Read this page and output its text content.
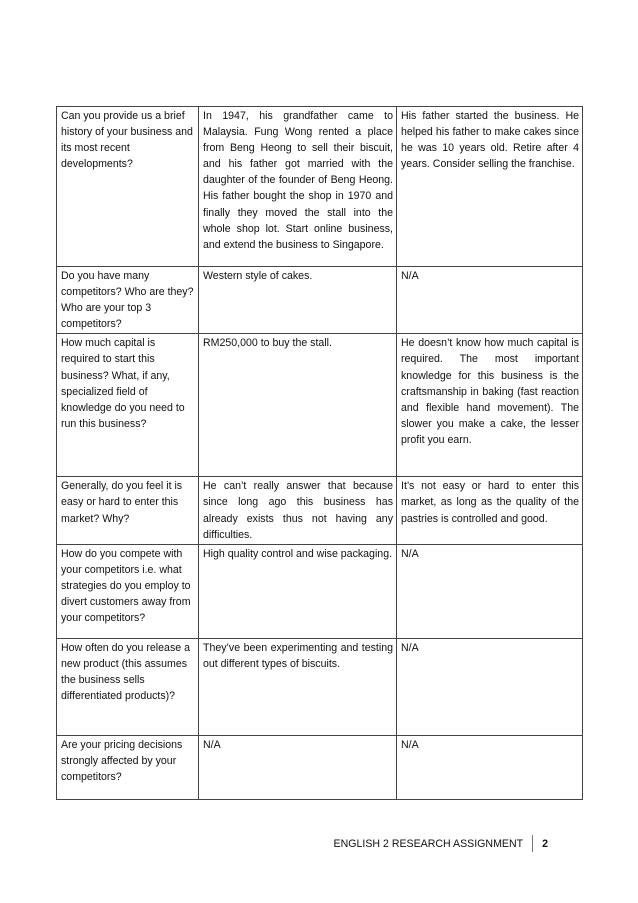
Can you provide us a brief history of your business and its most recent developments?	In 1947, his grandfather came to Malaysia. Fung Wong rented a place from Beng Heong to sell their biscuit, and his father got married with the daughter of the founder of Beng Heong. His father bought the shop in 1970 and finally they moved the stall into the whole shop lot. Start online business, and extend the business to Singapore.	His father started the business. He helped his father to make cakes since he was 10 years old. Retire after 4 years. Consider selling the franchise.
Do you have many competitors? Who are they? Who are your top 3 competitors?	Western style of cakes.	N/A
How much capital is required to start this business? What, if any, specialized field of knowledge do you need to run this business?	RM250,000 to buy the stall.	He doesn’t know how much capital is required. The most important knowledge for this business is the craftsmanship in baking (fast reaction and flexible hand movement). The slower you make a cake, the lesser profit you earn.
Generally, do you feel it is easy or hard to enter this market? Why?	He can’t really answer that because since long ago this business has already exists thus not having any difficulties.	It’s not easy or hard to enter this market, as long as the quality of the pastries is controlled and good.
How do you compete with your competitors i.e. what strategies do you employ to divert customers away from your competitors?	High quality control and wise packaging.	N/A
How often do you release a new product (this assumes the business sells differentiated products)?	They’ve been experimenting and testing out different types of biscuits.	N/A
Are your pricing decisions strongly affected by your competitors?	N/A	N/A
ENGLISH 2 RESEARCH ASSIGNMENT 2
